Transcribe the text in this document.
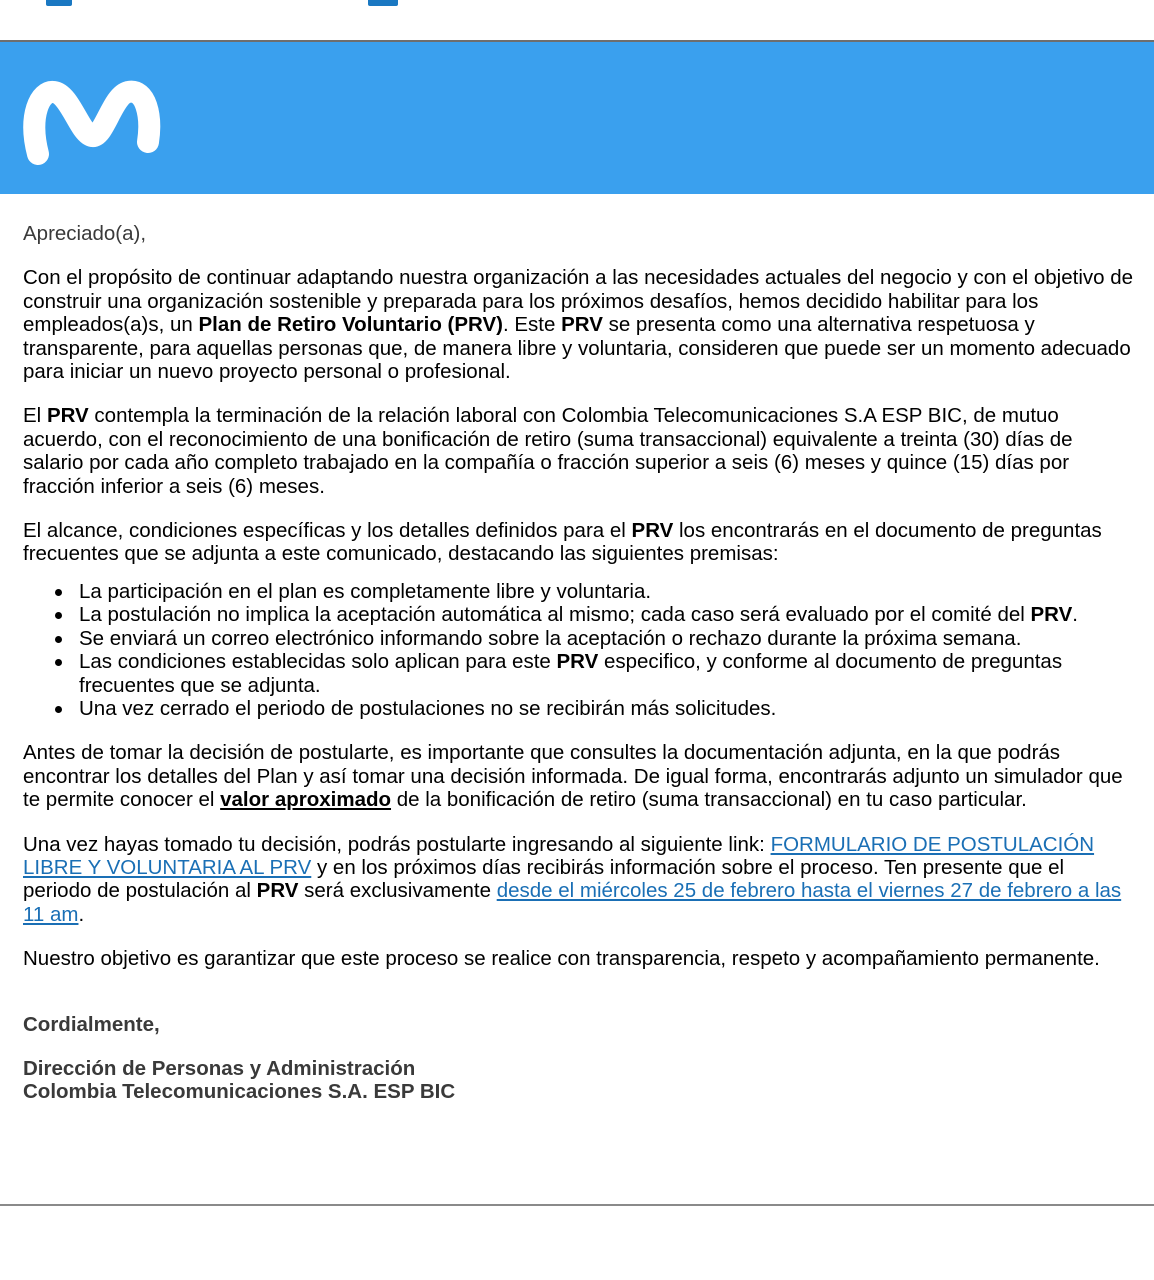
Apreciado(a),

Con el propósito de continuar adaptando nuestra organización a las necesidades actuales del negocio y con el objetivo de construir una organización sostenible y preparada para los próximos desafíos, hemos decidido habilitar para los empleados(a)s, un Plan de Retiro Voluntario (PRV). Este PRV se presenta como una alternativa respetuosa y transparente, para aquellas personas que, de manera libre y voluntaria, consideren que puede ser un momento adecuado para iniciar un nuevo proyecto personal o profesional.

El PRV contempla la terminación de la relación laboral con Colombia Telecomunicaciones S.A ESP BIC, de mutuo acuerdo, con el reconocimiento de una bonificación de retiro (suma transaccional) equivalente a treinta (30) días de salario por cada año completo trabajado en la compañía o fracción superior a seis (6) meses y quince (15) días por fracción inferior a seis (6) meses.

El alcance, condiciones específicas y los detalles definidos para el PRV los encontrarás en el documento de preguntas frecuentes que se adjunta a este comunicado, destacando las siguientes premisas:

La participación en el plan es completamente libre y voluntaria.
La postulación no implica la aceptación automática al mismo; cada caso será evaluado por el comité del PRV.
Se enviará un correo electrónico informando sobre la aceptación o rechazo durante la próxima semana.
Las condiciones establecidas solo aplican para este PRV especifico, y conforme al documento de preguntas frecuentes que se adjunta.
Una vez cerrado el periodo de postulaciones no se recibirán más solicitudes.

Antes de tomar la decisión de postularte, es importante que consultes la documentación adjunta, en la que podrás encontrar los detalles del Plan y así tomar una decisión informada. De igual forma, encontrarás adjunto un simulador que te permite conocer el valor aproximado de la bonificación de retiro (suma transaccional) en tu caso particular.

Una vez hayas tomado tu decisión, podrás postularte ingresando al siguiente link: FORMULARIO DE POSTULACIÓN LIBRE Y VOLUNTARIA AL PRV y en los próximos días recibirás información sobre el proceso. Ten presente que el periodo de postulación al PRV será exclusivamente desde el miércoles 25 de febrero hasta el viernes 27 de febrero a las 11 am.

Nuestro objetivo es garantizar que este proceso se realice con transparencia, respeto y acompañamiento permanente.

Cordialmente,

Dirección de Personas y Administración

Colombia Telecomunicaciones S.A. ESP BIC
